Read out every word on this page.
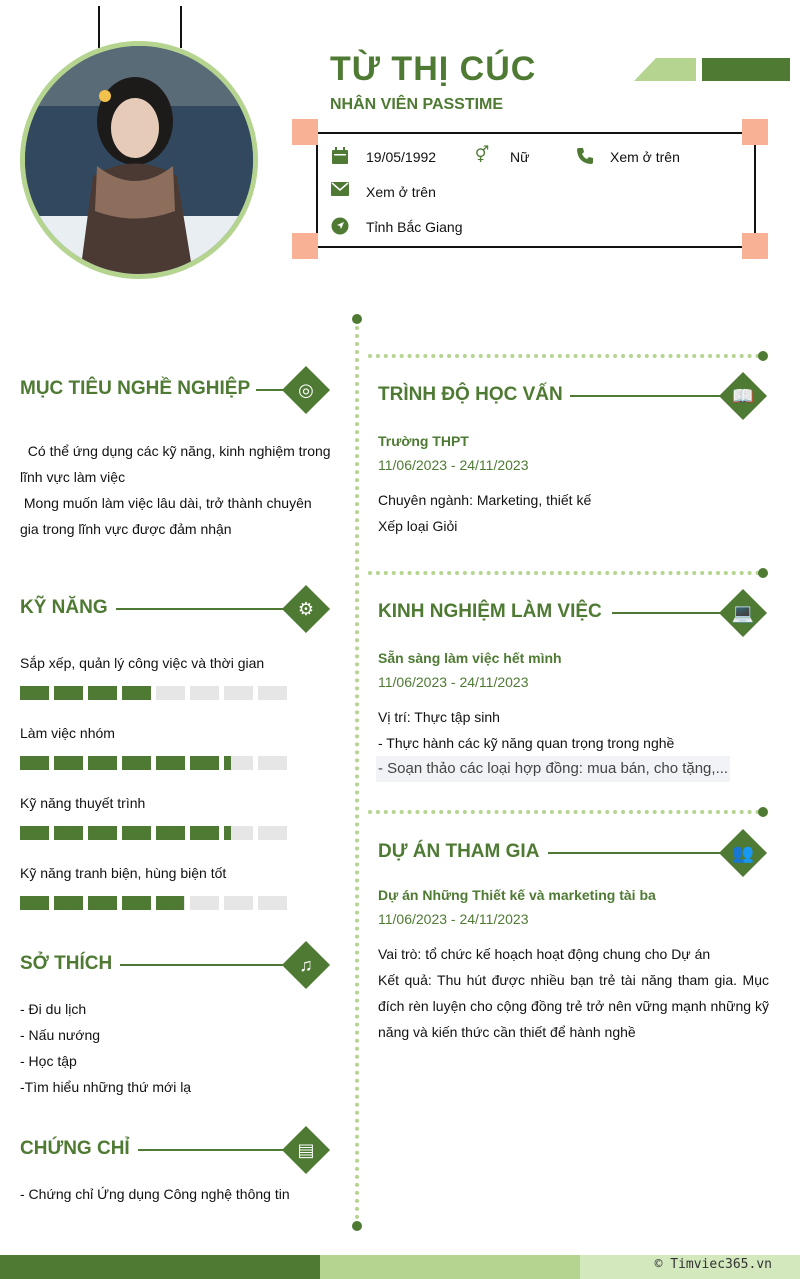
TỪ THỊ CÚC
NHÂN VIÊN PASSTIME
19/05/1992 ⚥ Nữ	Xem ở trên
Xem ở trên
Tỉnh Bắc Giang
MỤC TIÊU NGHỀ NGHIỆP	◎
Có thể ứng dụng các kỹ năng, kinh nghiệm trong lĩnh vực làm việc
Mong muốn làm việc lâu dài, trở thành chuyên gia trong lĩnh vực được đảm nhận
KỸ NĂNG	⚙
Sắp xếp, quản lý công việc và thời gian
Làm việc nhóm
Kỹ năng thuyết trình
Kỹ năng tranh biện, hùng biện tốt
SỞ THÍCH	♫
- Đi du lịch
- Nấu nướng
- Học tập
-Tìm hiểu những thứ mới lạ
CHỨNG CHỈ	▤
- Chứng chỉ Ứng dụng Công nghệ thông tin
TRÌNH ĐỘ HỌC VẤN	📖
Trường THPT
11/06/2023 - 24/11/2023
Chuyên ngành: Marketing, thiết kế
Xếp loại Giỏi
KINH NGHIỆM LÀM VIỆC	💻
Sẵn sàng làm việc hết mình
11/06/2023 - 24/11/2023
Vị trí: Thực tập sinh
- Thực hành các kỹ năng quan trọng trong nghề
- Soạn thảo các loại hợp đồng: mua bán, cho tặng,...
DỰ ÁN THAM GIA	👥
Dự án Những Thiết kế và marketing tài ba
11/06/2023 - 24/11/2023
Vai trò: tổ chức kế hoạch hoạt động chung cho Dự án
Kết quả: Thu hút được nhiều bạn trẻ tài năng tham gia. Mục đích rèn luyện cho cộng đồng trẻ trở nên vững mạnh những kỹ năng và kiến thức cần thiết để hành nghề
© Timviec365.vn
